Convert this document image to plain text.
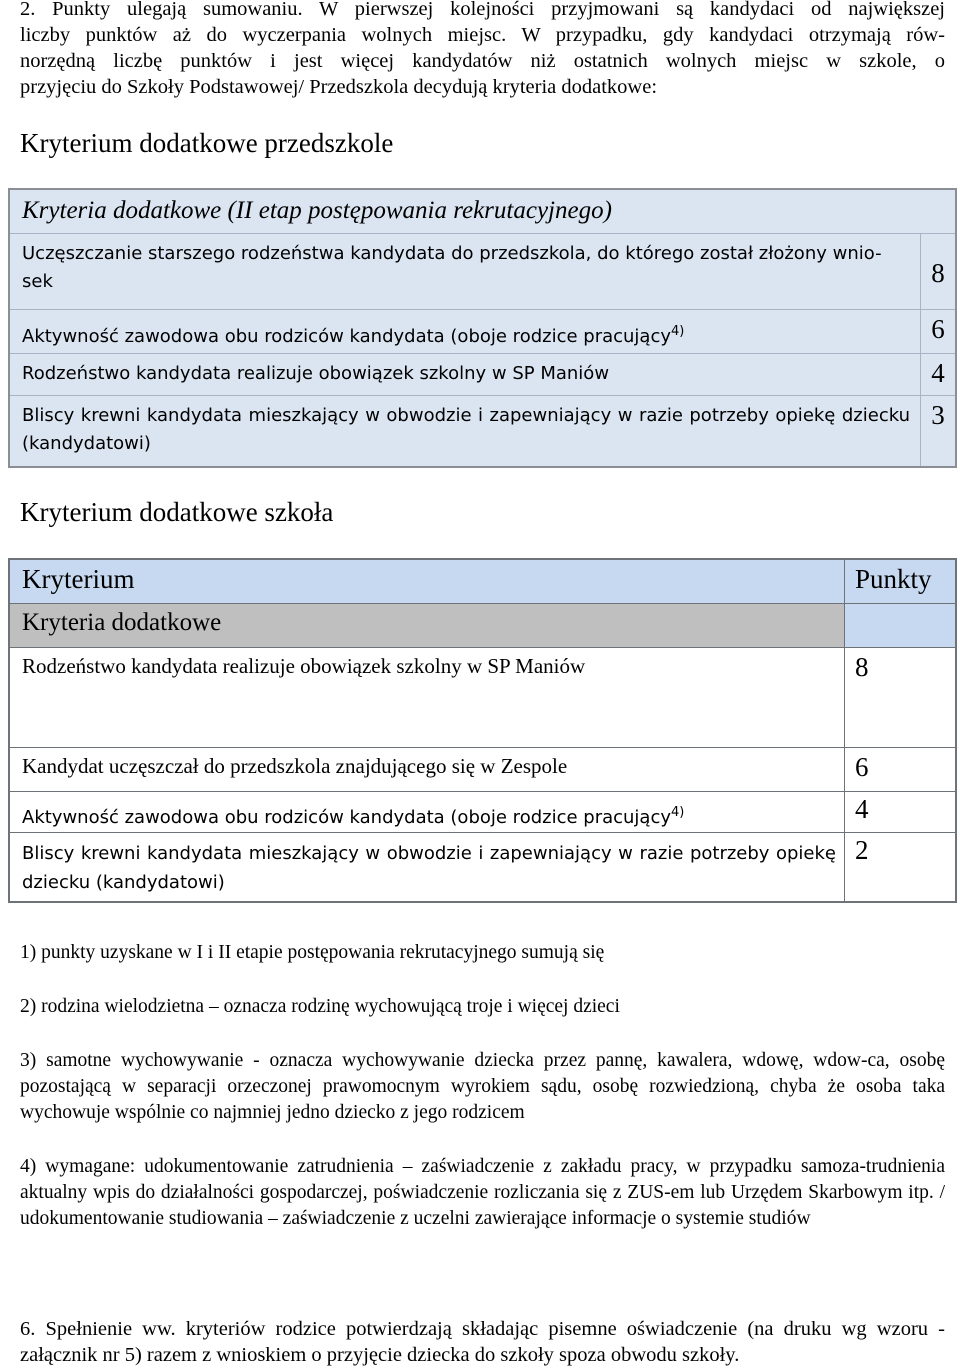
2. Punkty ulegają sumowaniu. W pierwszej kolejności przyjmowani są kandydaci od największej
liczby punktów aż do wyczerpania wolnych miejsc. W przypadku, gdy kandydaci otrzymają rów-
norzędną liczbę punktów i jest więcej kandydatów niż ostatnich wolnych miejsc w szkole, o
przyjęciu do Szkoły Podstawowej/ Przedszkola decydują kryteria dodatkowe:
Kryterium dodatkowe przedszkole
Kryteria dodatkowe (II etap postępowania rekrutacyjnego)	
Uczęszczanie starszego rodzeństwa kandydata do przedszkola, do którego został złożony wnio-sek	8
Aktywność zawodowa obu rodziców kandydata (oboje rodzice pracujący$^{4)}$	6
Rodzeństwo kandydata realizuje obowiązek szkolny w SP Maniów	4
Bliscy krewni kandydata mieszkający w obwodzie i zapewniający w razie potrzeby opiekę dziecku (kandydatowi)	3
Kryterium dodatkowe szkoła
Kryterium	Punkty
Kryteria dodatkowe	
Rodzeństwo kandydata realizuje obowiązek szkolny w SP Maniów	8
Kandydat uczęszczał do przedszkola znajdującego się w Zespole	6
Aktywność zawodowa obu rodziców kandydata (oboje rodzice pracujący$^{4)}$	4
Bliscy krewni kandydata mieszkający w obwodzie i zapewniający w razie potrzeby opiekę dziecku (kandydatowi)	2
1) punkty uzyskane w I i II etapie postępowania rekrutacyjnego sumują się
2) rodzina wielodzietna – oznacza rodzinę wychowującą troje i więcej dzieci
3) samotne wychowywanie - oznacza wychowywanie dziecka przez pannę, kawalera, wdowę, wdow-ca, osobę pozostającą w separacji orzeczonej prawomocnym wyrokiem sądu, osobę rozwiedzioną, chyba że osoba taka wychowuje wspólnie co najmniej jedno dziecko z jego rodzicem
4) wymagane: udokumentowanie zatrudnienia – zaświadczenie z zakładu pracy, w przypadku samoza-trudnienia aktualny wpis do działalności gospodarczej, poświadczenie rozliczania się z ZUS-em lub Urzędem Skarbowym itp. / udokumentowanie studiowania – zaświadczenie z uczelni zawierające informacje o systemie studiów
6. Spełnienie ww. kryteriów rodzice potwierdzają składając pisemne oświadczenie (na druku wg wzoru - załącznik nr 5) razem z wnioskiem o przyjęcie dziecka do szkoły spoza obwodu szkoły.
